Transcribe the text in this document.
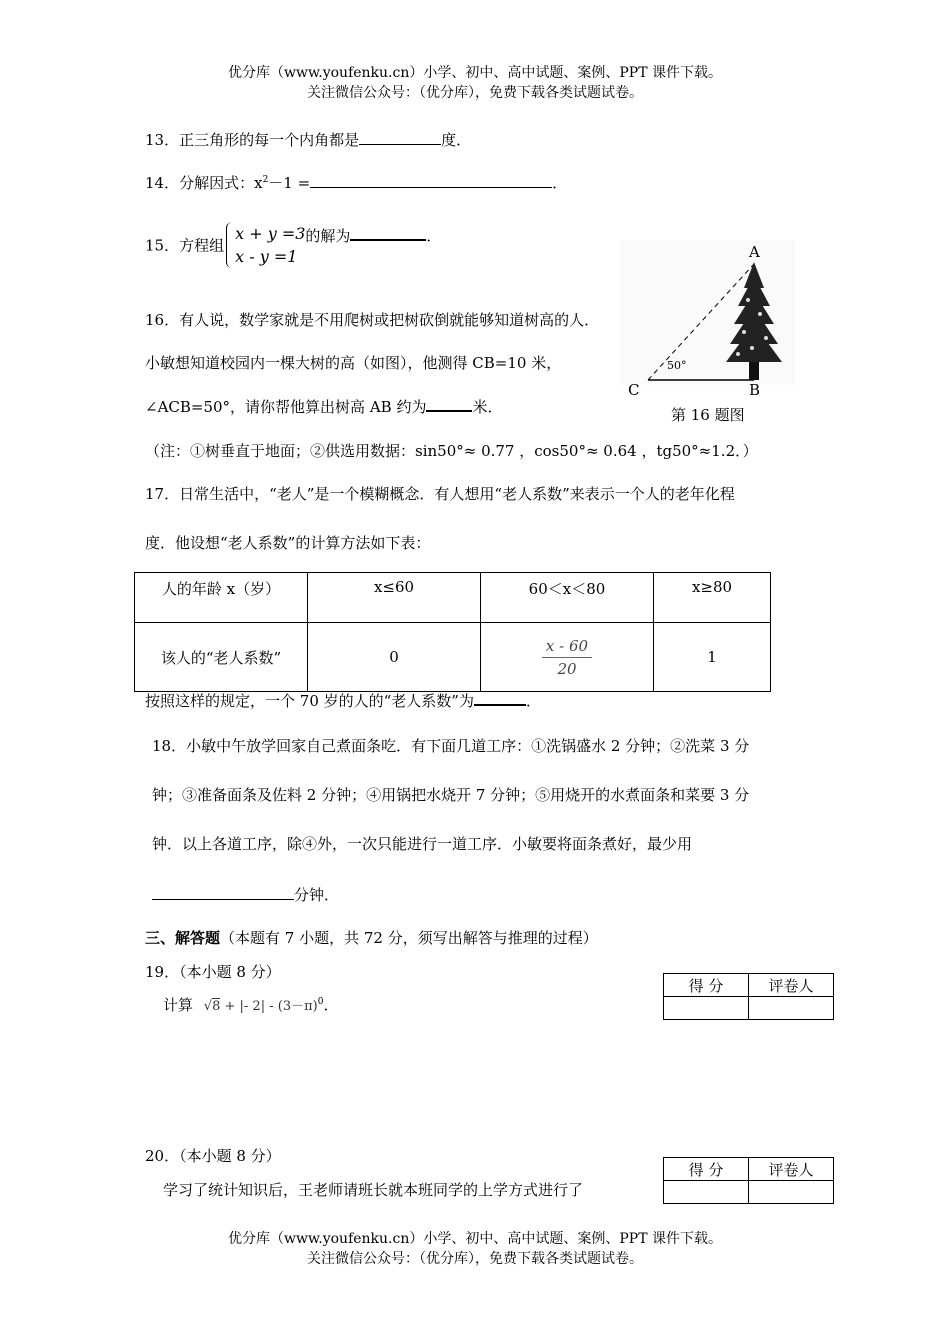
优分库（www.youfenku.cn）小学、初中、高中试题、案例、PPT 课件下载。
关注微信公众号：（优分库），免费下载各类试题试卷。
13．正三角形的每一个内角都是	度．
14．分解因式：$x^2-1$ =	．
15．方程组x + y =3
x - y =1的解为	．
16．有人说，数学家就是不用爬树或把树砍倒就能够知道树高的人．
小敏想知道校园内一棵大树的高（如图），他测得 CB=10 米，
∠ACB=50°，请你帮他算出树高 AB 约为	米．
（注：①树垂直于地面；②供选用数据：sin50°≈ 0.77 ，cos50°≈ 0.64 ，tg50°≈1.2．）
A
B
C
50°
第 16 题图
17．日常生活中，“老人”是一个模糊概念．有人想用“老人系数”来表示一个人的老年化程
度．他设想“老人系数”的计算方法如下表：
人的年龄 x（岁）	x≤60	60＜x＜80	x≥80
该人的“老人系数”	0	$\frac{x - 60}{20}$	1
按照这样的规定，一个 70 岁的人的“老人系数”为	．
18．小敏中午放学回家自己煮面条吃．有下面几道工序：①洗锅盛水 2 分钟；②洗菜 3 分
钟；③准备面条及佐料 2 分钟；④用锅把水烧开 7 分钟；⑤用烧开的水煮面条和菜要 3 分
钟．以上各道工序，除④外，一次只能进行一道工序．小敏要将面条煮好，最少用
分钟．
三、解答题（本题有 7 小题，共 72 分，须写出解答与推理的过程）
19．（本小题 8 分）
计算 √8 + |- $2| - (3-\pi)^0$．
得 分	评卷人

20．（本小题 8 分）
学习了统计知识后，王老师请班长就本班同学的上学方式进行了
得 分	评卷人

优分库（www.youfenku.cn）小学、初中、高中试题、案例、PPT 课件下载。
关注微信公众号：（优分库），免费下载各类试题试卷。
